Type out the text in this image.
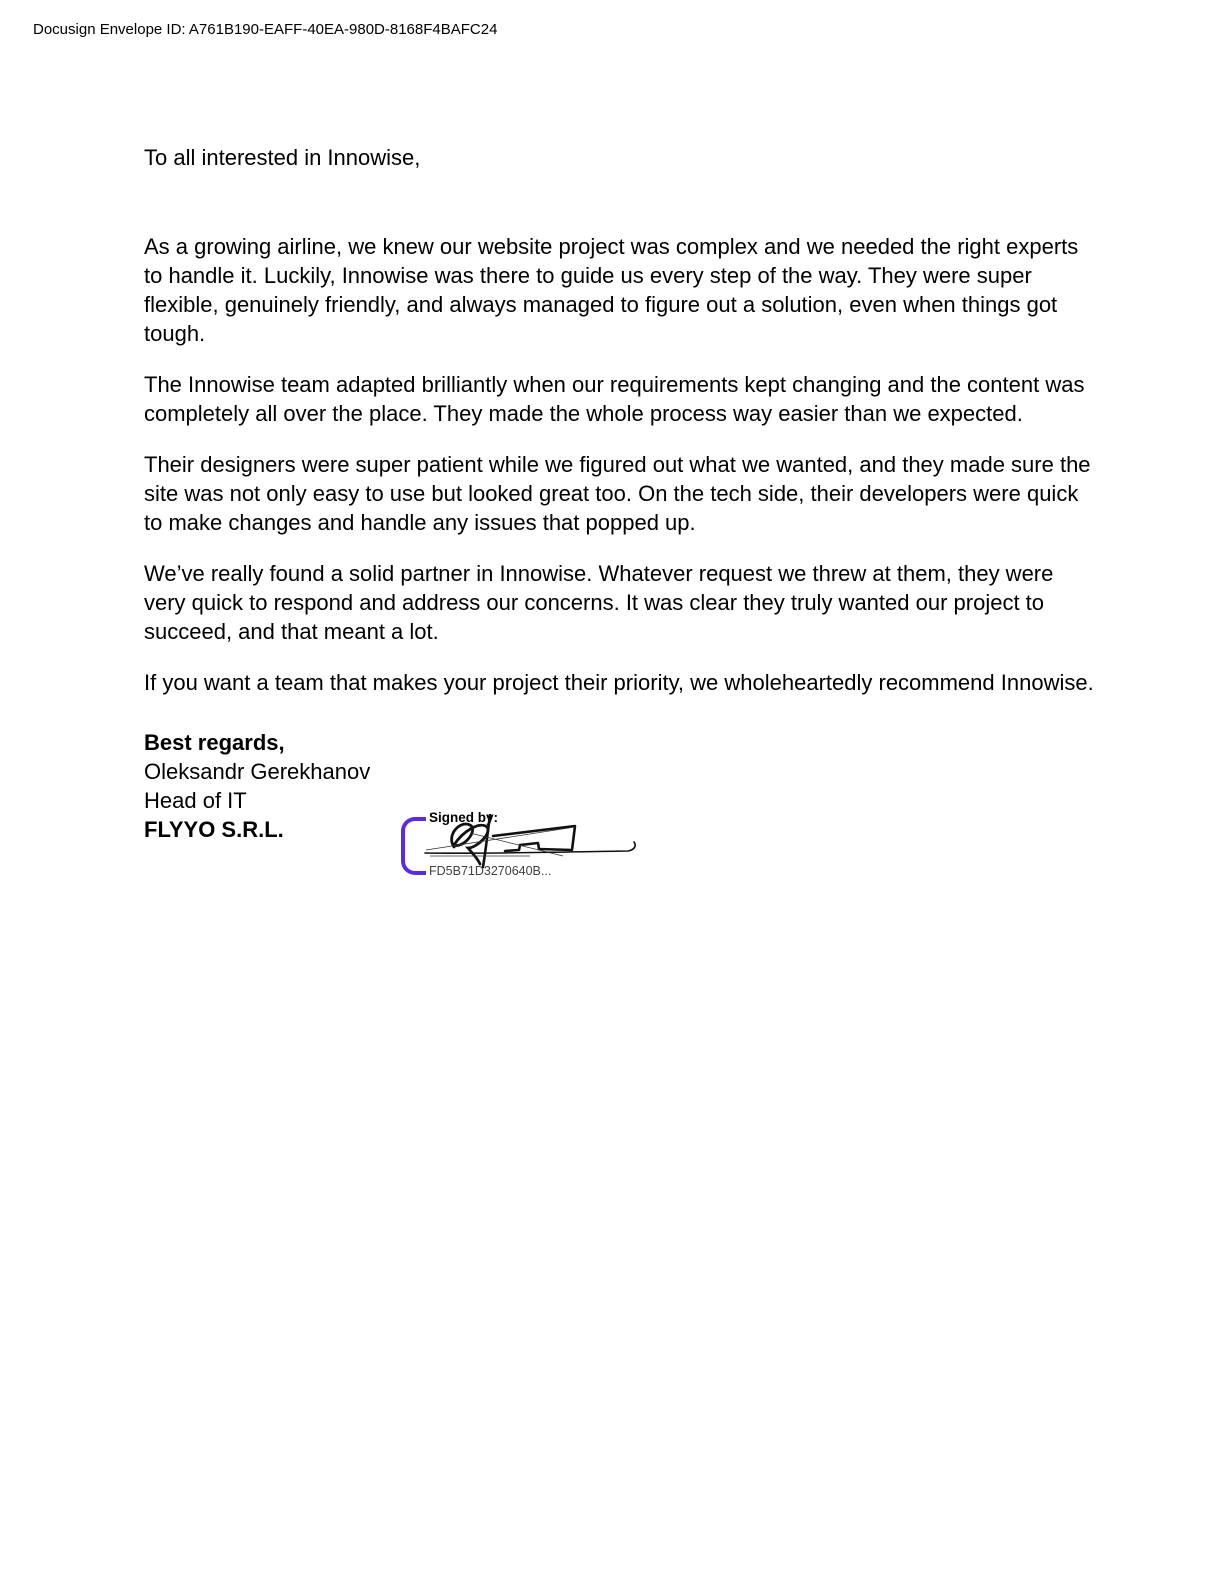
Docusign Envelope ID: A761B190-EAFF-40EA-980D-8168F4BAFC24

To all interested in Innowise,

As a growing airline, we knew our website project was complex and we needed the right experts to handle it. Luckily, Innowise was there to guide us every step of the way. They were super flexible, genuinely friendly, and always managed to figure out a solution, even when things got tough.

The Innowise team adapted brilliantly when our requirements kept changing and the content was completely all over the place. They made the whole process way easier than we expected.

Their designers were super patient while we figured out what we wanted, and they made sure the site was not only easy to use but looked great too. On the tech side, their developers were quick to make changes and handle any issues that popped up.

We’ve really found a solid partner in Innowise. Whatever request we threw at them, they were very quick to respond and address our concerns. It was clear they truly wanted our project to succeed, and that meant a lot.

If you want a team that makes your project their priority, we wholeheartedly recommend Innowise.

Best regards,
Oleksandr Gerekhanov
Head of IT
FLYYO S.R.L.	Signed by:
FD5B71D3270640B...
